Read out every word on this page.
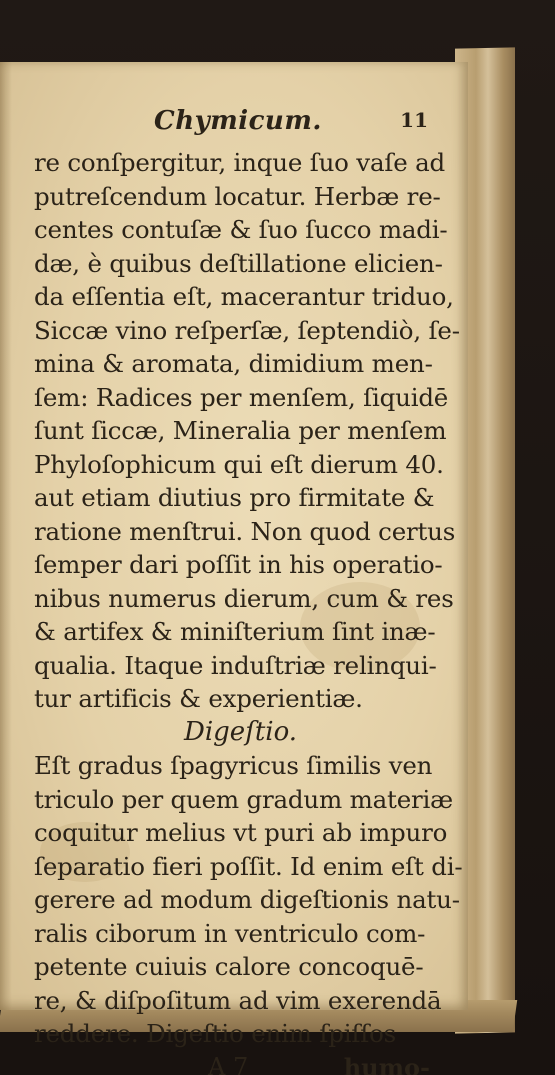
Chymicum.	11
re conſpergitur, inque ſuo vaſe ad
putreſcendum locatur. Herbæ re-
centes contuſæ & ſuo ſucco madi-
dæ, è quibus deſtillatione elicien-
da eſſentia eſt, macerantur triduo,
Siccæ vino reſperſæ, ſeptendiò, ſe-
mina & aromata, dimidium men-
ſem: Radices per menſem, ſiquidē
ſunt ſiccæ, Mineralia per menſem
Phyloſophicum qui eſt dierum 40.
aut etiam diutius pro firmitate &
ratione menſtrui. Non quod certus
ſemper dari poſſit in his operatio-
nibus numerus dierum, cum & res
& artifex & miniſterium ſint inæ-
qualia. Itaque induſtriæ relinqui-
tur artificis & experientiæ.
Digeſtio.
Eſt gradus ſpagyricus ſimilis ven
triculo per quem gradum materiæ
coquitur melius vt puri ab impuro
ſeparatio fieri poſſit. Id enim eſt di-
gerere ad modum digeſtionis natu-
ralis ciborum in ventriculo com-
petente cuiuis calore concoquē-
re, & diſpoſitum ad vim exerendā
reddere. Digeſtio enim ſpiſſos
A 7	humo-
